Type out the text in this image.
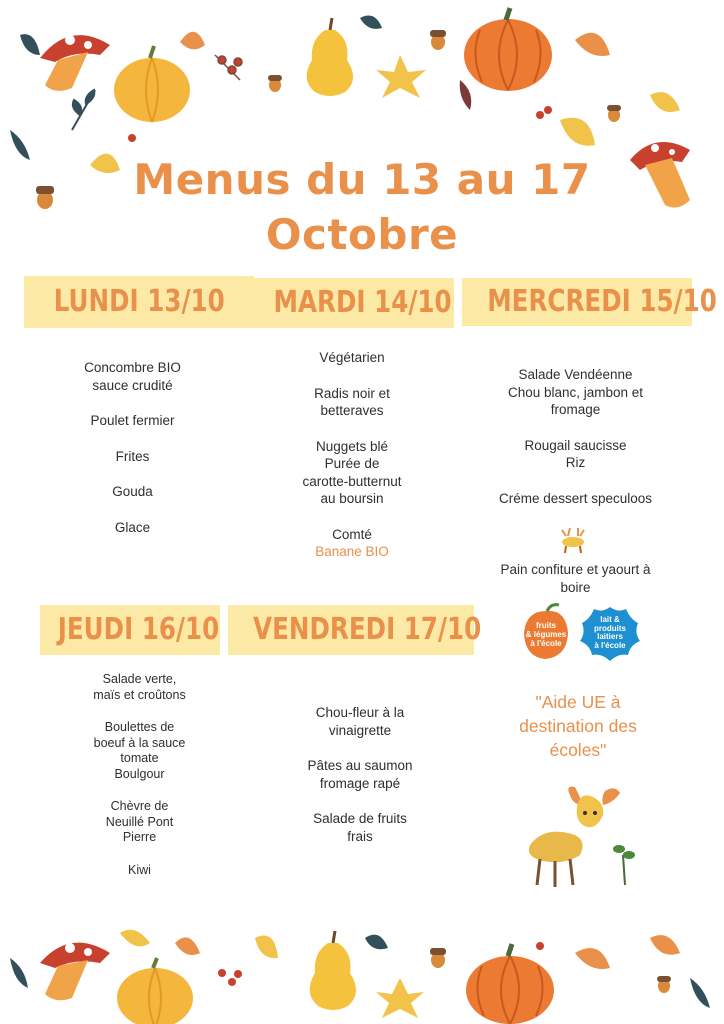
Menus du 13 au 17
Octobre
LUNDI 13/10
Concombre BIO
sauce crudité
Poulet fermier
Frites
Gouda
Glace
MARDI 14/10
Végétarien
Radis noir et
betteraves
Nuggets blé
Purée de
carotte-butternut
au boursin
Comté
Banane BIO
MERCREDI 15/10
Salade Vendéenne
Chou blanc, jambon et
fromage
Rougail saucisse
Riz
Créme dessert speculoos
Pain confiture et yaourt à
boire
JEUDI 16/10
Salade verte,
maïs et croûtons
Boulettes de
boeuf à la sauce
tomate
Boulgour
Chèvre de
Neuillé Pont
Pierre
Kiwi
VENDREDI 17/10
Chou-fleur à la
vinaigrette
Pâtes au saumon
fromage rapé
Salade de fruits
frais
fruits
& légumes
à l'école
lait &
produits
laitiers
à l'école
"Aide UE à
destination des
écoles"
